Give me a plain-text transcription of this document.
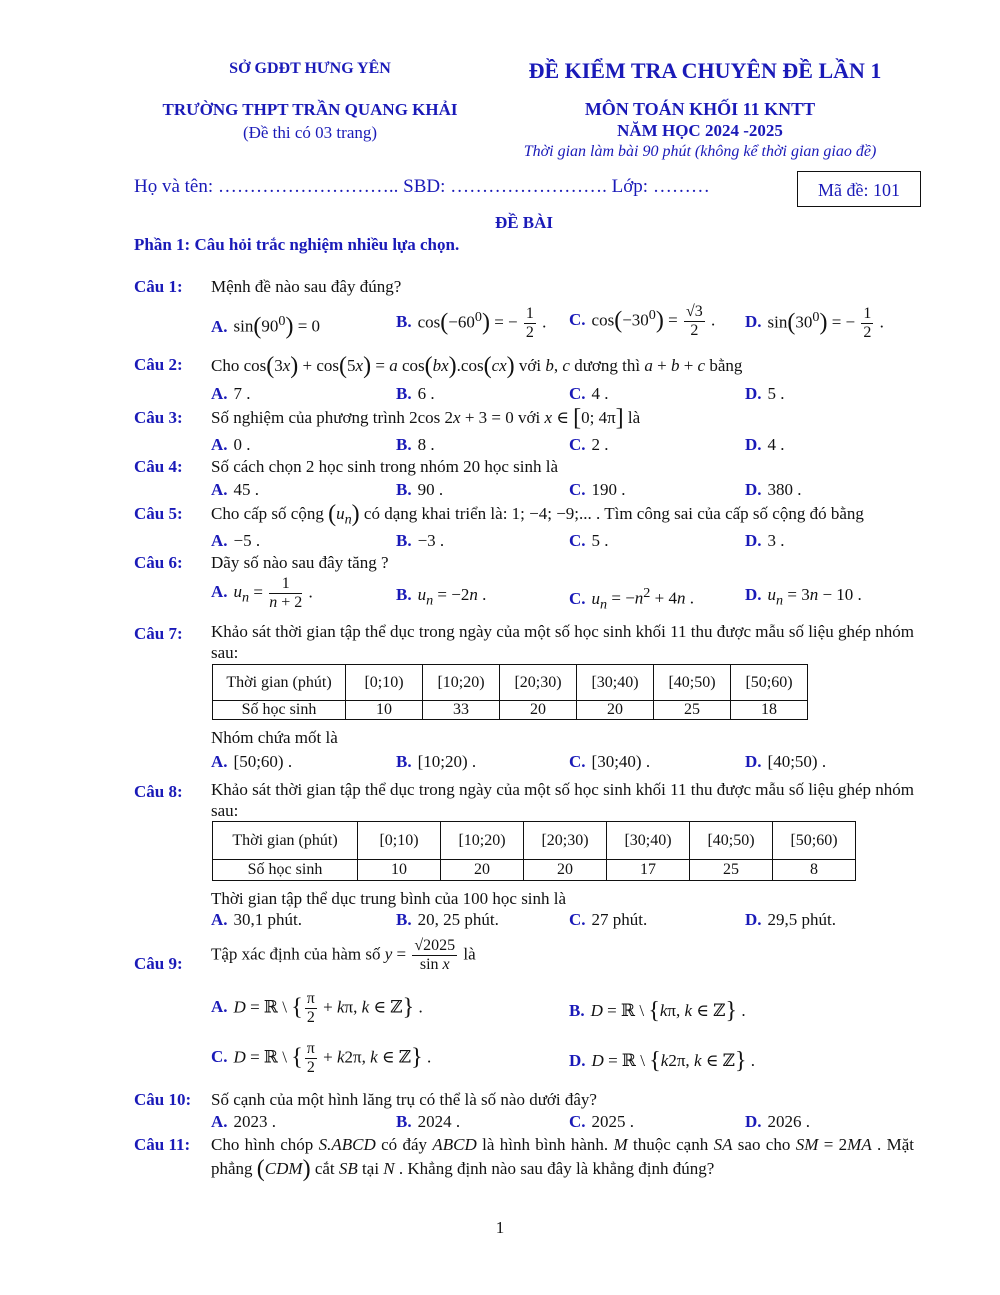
SỞ GDĐT HƯNG YÊN
TRƯỜNG THPT TRẦN QUANG KHẢI
(Đề thi có 03 trang)
ĐỀ KIỂM TRA CHUYÊN ĐỀ LẦN 1
MÔN TOÁN KHỐI 11 KNTT
NĂM HỌC 2024 -2025
Thời gian làm bài 90 phút (không kể thời gian giao đề)
Họ và tên: ……………………….. SBD: ……………………. Lớp: ………	Mã đề: 101
ĐỀ BÀI
Phần 1: Câu hỏi trắc nghiệm nhiều lựa chọn.
Câu 1: Mệnh đề nào sau đây đúng?
A. $\sin(90^0) = 0$	B. $\cos(-60^0)$ = − $\frac{1}{2}$ . C. $\cos(-30^0) = \frac{√3}{2}$ . D. $\sin(30^0)$ = − $\frac{1}{2}$ .
Câu 2: Cho cos(3x) + cos(5x) = a cos(bx).cos(cx) với b, c dương thì a + b + c bằng
A. 7 .	B. 6 .	C. 4 .	D. 5 .
Câu 3: Số nghiệm của phương trình 2cos 2x + 3 = 0 với x ∈ [0; 4π] là
A. 0 .	B. 8 .	C. 2 .	D. 4 .
Câu 4: Số cách chọn 2 học sinh trong nhóm 20 học sinh là
A. 45 .	B. 90 .	C. 190 .	D. 380 .
Câu 5: Cho cấp số cộng $(u_n)$ có dạng khai triển là: 1; −4; −9;... . Tìm công sai của cấp số cộng đó bằng
A. −5 .	B. −3 .	C. 5 .	D. 3 .
Câu 6: Dãy số nào sau đây tăng ?
A. $u_n = \frac{1}{n + 2}$ .	B. $u_n = -2n$ .	C. $u_n = -n^2 + 4n$ .	D. $u_n = 3n - 10$ .
Câu 7: Khảo sát thời gian tập thể dục trong ngày của một số học sinh khối 11 thu được mẫu số liệu ghép nhóm sau:
Thời gian (phút)	[0;10)	[10;20)	[20;30)	[30;40)	[40;50)	[50;60)
Số học sinh	10	33	20	20	25	18
Nhóm chứa mốt là
A. [50;60) .	B. [10;20) .	C. [30;40) .	D. [40;50) .
Câu 8: Khảo sát thời gian tập thể dục trong ngày của một số học sinh khối 11 thu được mẫu số liệu ghép nhóm sau:
Thời gian (phút)	[0;10)	[10;20)	[20;30)	[30;40)	[40;50)	[50;60)
Số học sinh	10	20	20	17	25	8
Thời gian tập thể dục trung bình của 100 học sinh là
A. 30,1 phút.	B. 20, 25 phút.	C. 27 phút.	D. 29,5 phút.
Câu 9:
Tập xác định của hàm số $y = \frac{√2025}{\text{sin x}}$ là
A. D = ℝ \ { $\frac{\pi}{2} + k\pi$, k ∈ ℤ} .	B. D = ℝ \ {kπ, k ∈ ℤ} .
C. D = ℝ \ { $\frac{\pi}{2} + k2\pi$, k ∈ ℤ} .	D. D = ℝ \ {k2π, k ∈ ℤ} .
Câu 10: Số cạnh của một hình lăng trụ có thể là số nào dưới đây?
A. 2023 .	B. 2024 .	C. 2025 .	D. 2026 .
Câu 11: Cho hình chóp S.ABCD có đáy ABCD là hình bình hành. M thuộc cạnh SA sao cho SM = 2MA . Mặt phẳng (CDM) cắt SB tại N . Khẳng định nào sau đây là khẳng định đúng?
1
